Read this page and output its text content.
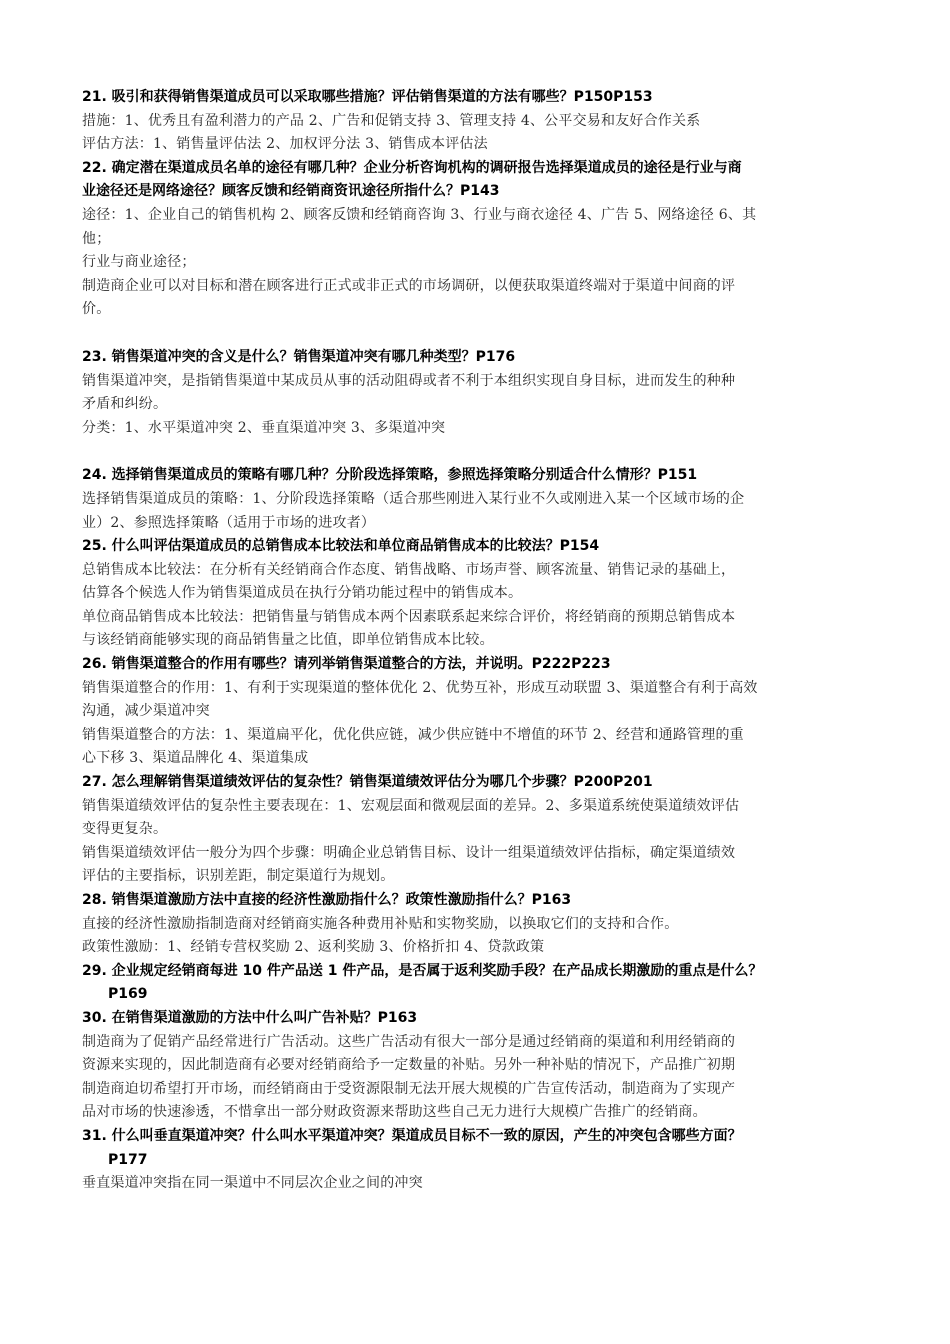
21. 吸引和获得销售渠道成员可以采取哪些措施？评估销售渠道的方法有哪些？P150P153
措施：1、优秀且有盈利潜力的产品 2、广告和促销支持 3、管理支持 4、公平交易和友好合作关系
评估方法：1、销售量评估法 2、加权评分法 3、销售成本评估法
22. 确定潜在渠道成员名单的途径有哪几种？企业分析咨询机构的调研报告选择渠道成员的途径是行业与商
业途径还是网络途径？顾客反馈和经销商资讯途径所指什么？P143
途径：1、企业自己的销售机构 2、顾客反馈和经销商咨询 3、行业与商衣途径 4、广告 5、网络途径 6、其
他；
行业与商业途径；
制造商企业可以对目标和潜在顾客进行正式或非正式的市场调研，以便获取渠道终端对于渠道中间商的评
价。
23. 销售渠道冲突的含义是什么？销售渠道冲突有哪几种类型？P176
销售渠道冲突，是指销售渠道中某成员从事的活动阻碍或者不利于本组织实现自身目标，进而发生的种种
矛盾和纠纷。
分类：1、水平渠道冲突 2、垂直渠道冲突 3、多渠道冲突
24. 选择销售渠道成员的策略有哪几种？分阶段选择策略，参照选择策略分别适合什么情形？P151
选择销售渠道成员的策略：1、分阶段选择策略（适合那些刚进入某行业不久或刚进入某一个区域市场的企
业）2、参照选择策略（适用于市场的进攻者）
25. 什么叫评估渠道成员的总销售成本比较法和单位商品销售成本的比较法？P154
总销售成本比较法：在分析有关经销商合作态度、销售战略、市场声誉、顾客流量、销售记录的基础上，
估算各个候选人作为销售渠道成员在执行分销功能过程中的销售成本。
单位商品销售成本比较法：把销售量与销售成本两个因素联系起来综合评价，将经销商的预期总销售成本
与该经销商能够实现的商品销售量之比值，即单位销售成本比较。
26. 销售渠道整合的作用有哪些？请列举销售渠道整合的方法，并说明。P222P223
销售渠道整合的作用：1、有利于实现渠道的整体优化 2、优势互补，形成互动联盟 3、渠道整合有利于高效
沟通，减少渠道冲突
销售渠道整合的方法：1、渠道扁平化，优化供应链，减少供应链中不增值的环节 2、经营和通路管理的重
心下移 3、渠道品牌化 4、渠道集成
27. 怎么理解销售渠道绩效评估的复杂性？销售渠道绩效评估分为哪几个步骤？P200P201
销售渠道绩效评估的复杂性主要表现在：1、宏观层面和微观层面的差异。2、多渠道系统使渠道绩效评估
变得更复杂。
销售渠道绩效评估一般分为四个步骤：明确企业总销售目标、设计一组渠道绩效评估指标，确定渠道绩效
评估的主要指标，识别差距，制定渠道行为规划。
28. 销售渠道激励方法中直接的经济性激励指什么？政策性激励指什么？P163
直接的经济性激励指制造商对经销商实施各种费用补贴和实物奖励，以换取它们的支持和合作。
政策性激励：1、经销专营权奖励 2、返利奖励 3、价格折扣 4、贷款政策
29. 企业规定经销商每进 10 件产品送 1 件产品，是否属于返利奖励手段？在产品成长期激励的重点是什么？
P169
30. 在销售渠道激励的方法中什么叫广告补贴？P163
制造商为了促销产品经常进行广告活动。这些广告活动有很大一部分是通过经销商的渠道和利用经销商的
资源来实现的，因此制造商有必要对经销商给予一定数量的补贴。另外一种补贴的情况下，产品推广初期
制造商迫切希望打开市场，而经销商由于受资源限制无法开展大规模的广告宣传活动，制造商为了实现产
品对市场的快速渗透，不惜拿出一部分财政资源来帮助这些自己无力进行大规模广告推广的经销商。
31. 什么叫垂直渠道冲突？什么叫水平渠道冲突？渠道成员目标不一致的原因，产生的冲突包含哪些方面？
P177
垂直渠道冲突指在同一渠道中不同层次企业之间的冲突
